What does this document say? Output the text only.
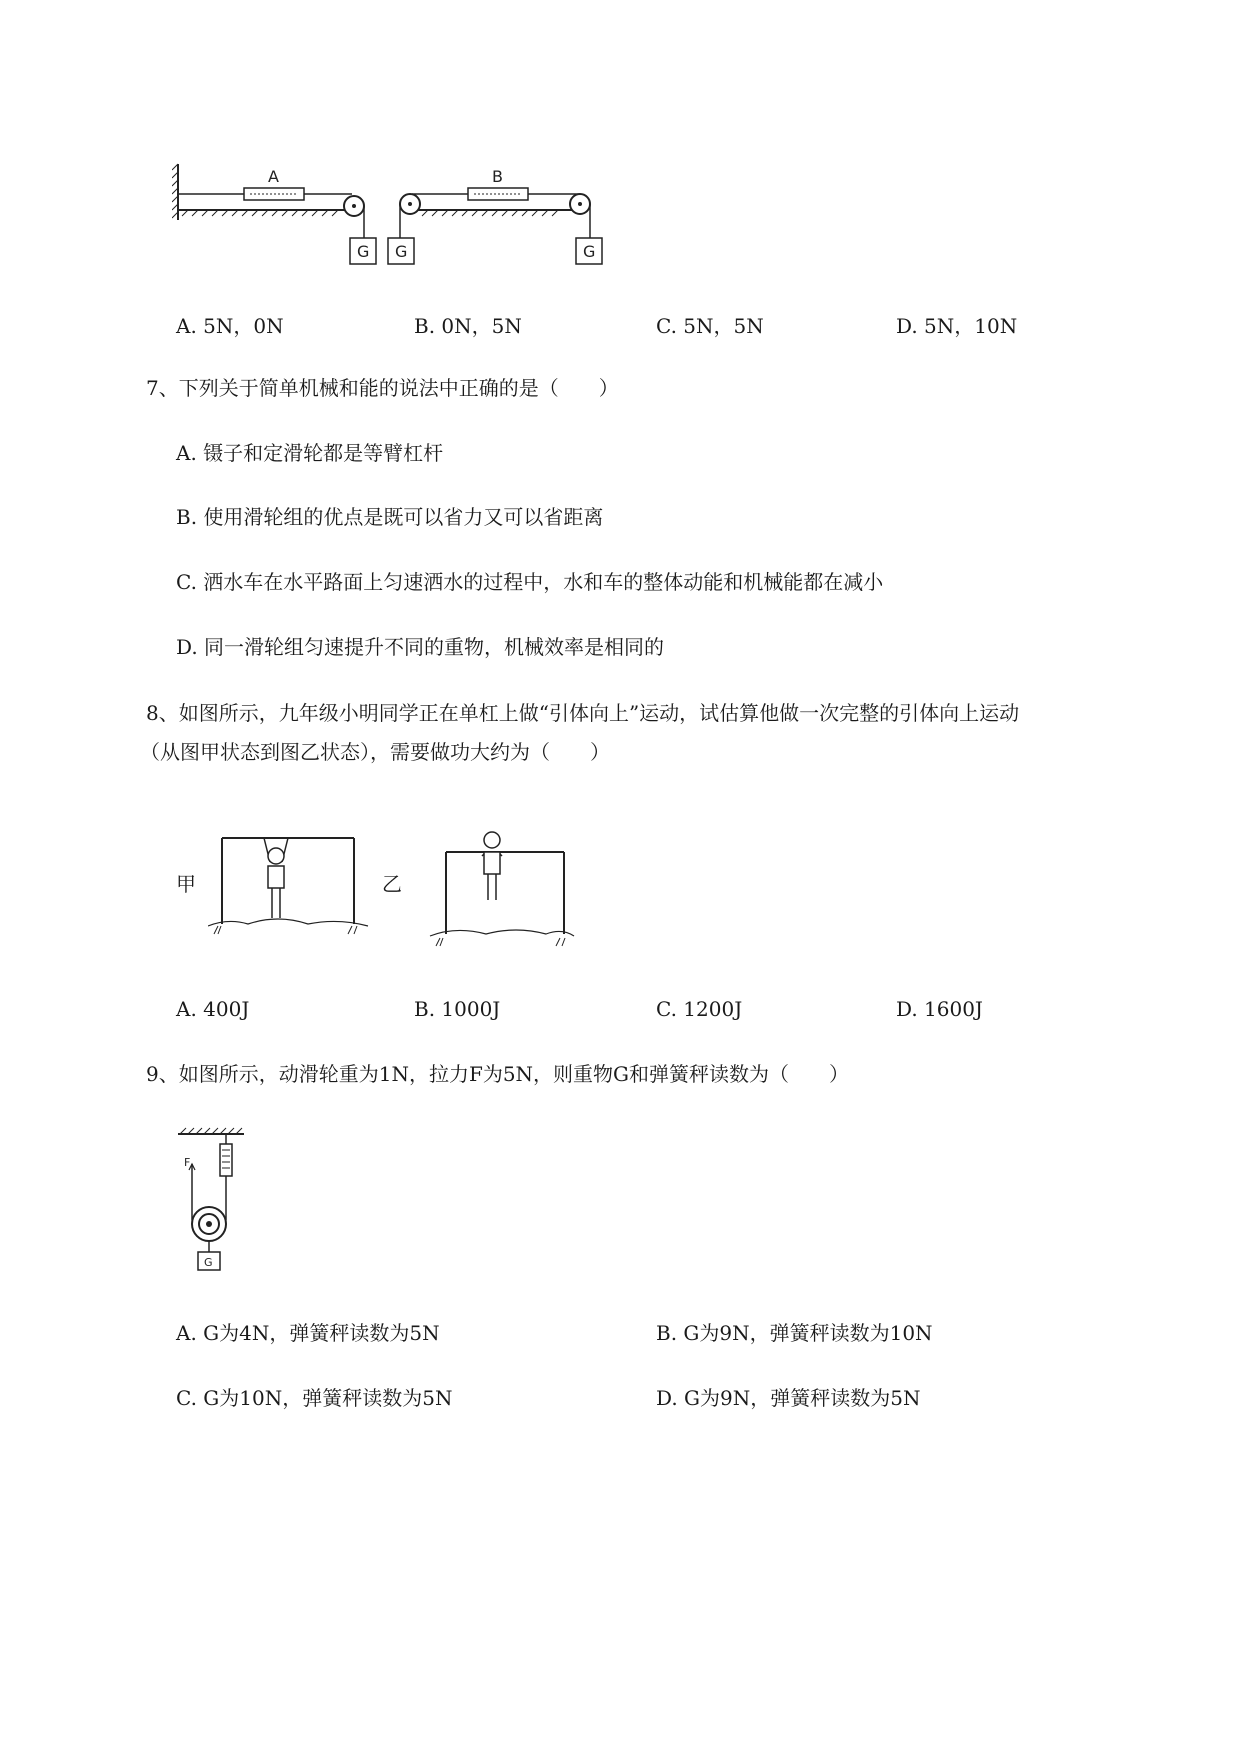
A
G
B
G	G
A. 5N，0N	B. 0N，5N	C. 5N，5N	D. 5N，10N
7、下列关于简单机械和能的说法中正确的是（　　）
A. 镊子和定滑轮都是等臂杠杆
B. 使用滑轮组的优点是既可以省力又可以省距离
C. 洒水车在水平路面上匀速洒水的过程中，水和车的整体动能和机械能都在减小
D. 同一滑轮组匀速提升不同的重物，机械效率是相同的
8、如图所示，九年级小明同学正在单杠上做“引体向上”运动，试估算他做一次完整的引体向上运动
（从图甲状态到图乙状态），需要做功大约为（　　）
甲	乙
A. 400J	B. 1000J	C. 1200J	D. 1600J
9、如图所示，动滑轮重为1N，拉力F为5N，则重物G和弹簧秤读数为（　　）
F
G
A. G为4N，弹簧秤读数为5N	B. G为9N，弹簧秤读数为10N
C. G为10N，弹簧秤读数为5N	D. G为9N，弹簧秤读数为5N
